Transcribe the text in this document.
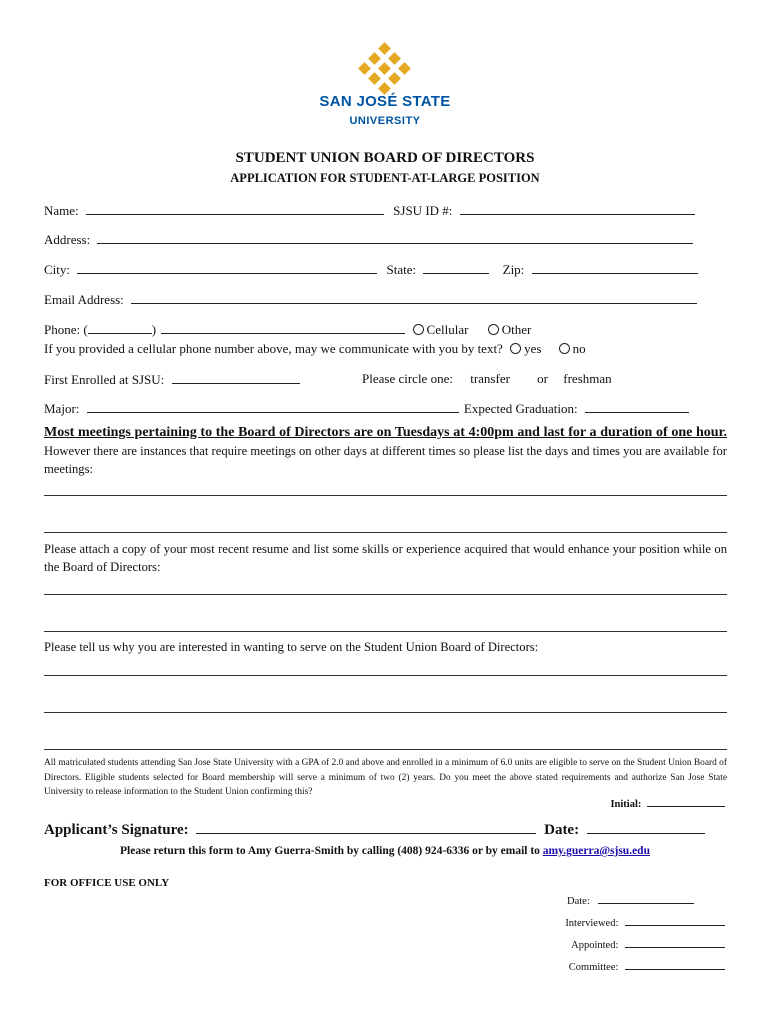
SAN JOSÉ STATE
UNIVERSITY
STUDENT UNION BOARD OF DIRECTORS
APPLICATION FOR STUDENT-AT-LARGE POSITION
Name:	SJSU ID #:
Address:
City:	State:	Zip:
Email Address:
Phone: (	)	Cellular	Other
If you provided a cellular phone number above, may we communicate with you by text? yes no
First Enrolled at SJSU:	Please circle one: transfer or freshman
Major:	Expected Graduation:
Most meetings pertaining to the Board of Directors are on Tuesdays at 4:00pm and last for a duration of one hour. However there are instances that require meetings on other days at different times so please list the days and times you are available for meetings:
Please attach a copy of your most recent resume and list some skills or experience acquired that would enhance your position while on the Board of Directors:
Please tell us why you are interested in wanting to serve on the Student Union Board of Directors:
All matriculated students attending San Jose State University with a GPA of 2.0 and above and enrolled in a minimum of 6.0 units are eligible to serve on the Student Union Board of Directors. Eligible students selected for Board membership will serve a minimum of two (2) years. Do you meet the above stated requirements and authorize San Jose State University to release information to the Student Union confirming this?
Initial:
Applicant’s Signature:	Date:
Please return this form to Amy Guerra-Smith by calling (408) 924-6336 or by email to amy.guerra@sjsu.edu
FOR OFFICE USE ONLY
Date:
Interviewed:
Appointed:
Committee:
